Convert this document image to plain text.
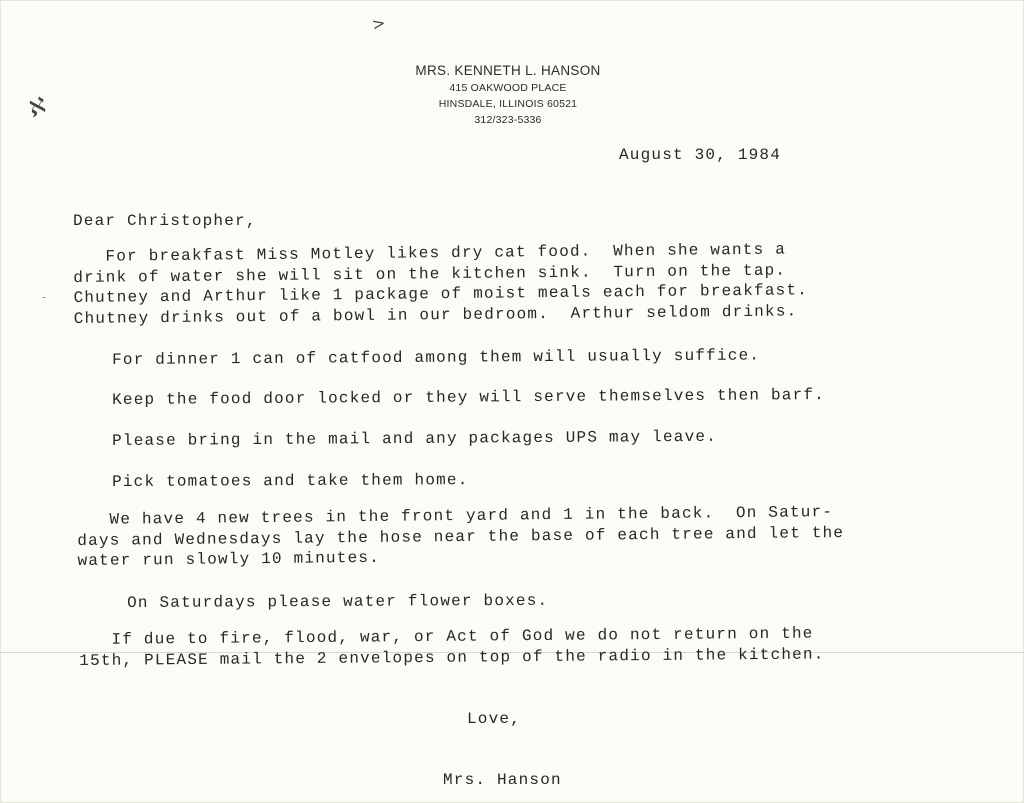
>
ℵ
‐
MRS. KENNETH L. HANSON
415 OAKWOOD PLACE
HINSDALE, ILLINOIS 60521
312/323-5336
August 30, 1984
Dear Christopher,
For breakfast Miss Motley likes dry cat food.  When she wants a
drink of water she will sit on the kitchen sink.  Turn on the tap.
Chutney and Arthur like 1 package of moist meals each for breakfast.
Chutney drinks out of a bowl in our bedroom.  Arthur seldom drinks.
For dinner 1 can of catfood among them will usually suffice.
Keep the food door locked or they will serve themselves then barf.
Please bring in the mail and any packages UPS may leave.
Pick tomatoes and take them home.
We have 4 new trees in the front yard and 1 in the back.  On Satur-
days and Wednesdays lay the hose near the base of each tree and let the
water run slowly 10 minutes.
On Saturdays please water flower boxes.
If due to fire, flood, war, or Act of God we do not return on the
15th, PLEASE mail the 2 envelopes on top of the radio in the kitchen.
Love,
Mrs. Hanson
